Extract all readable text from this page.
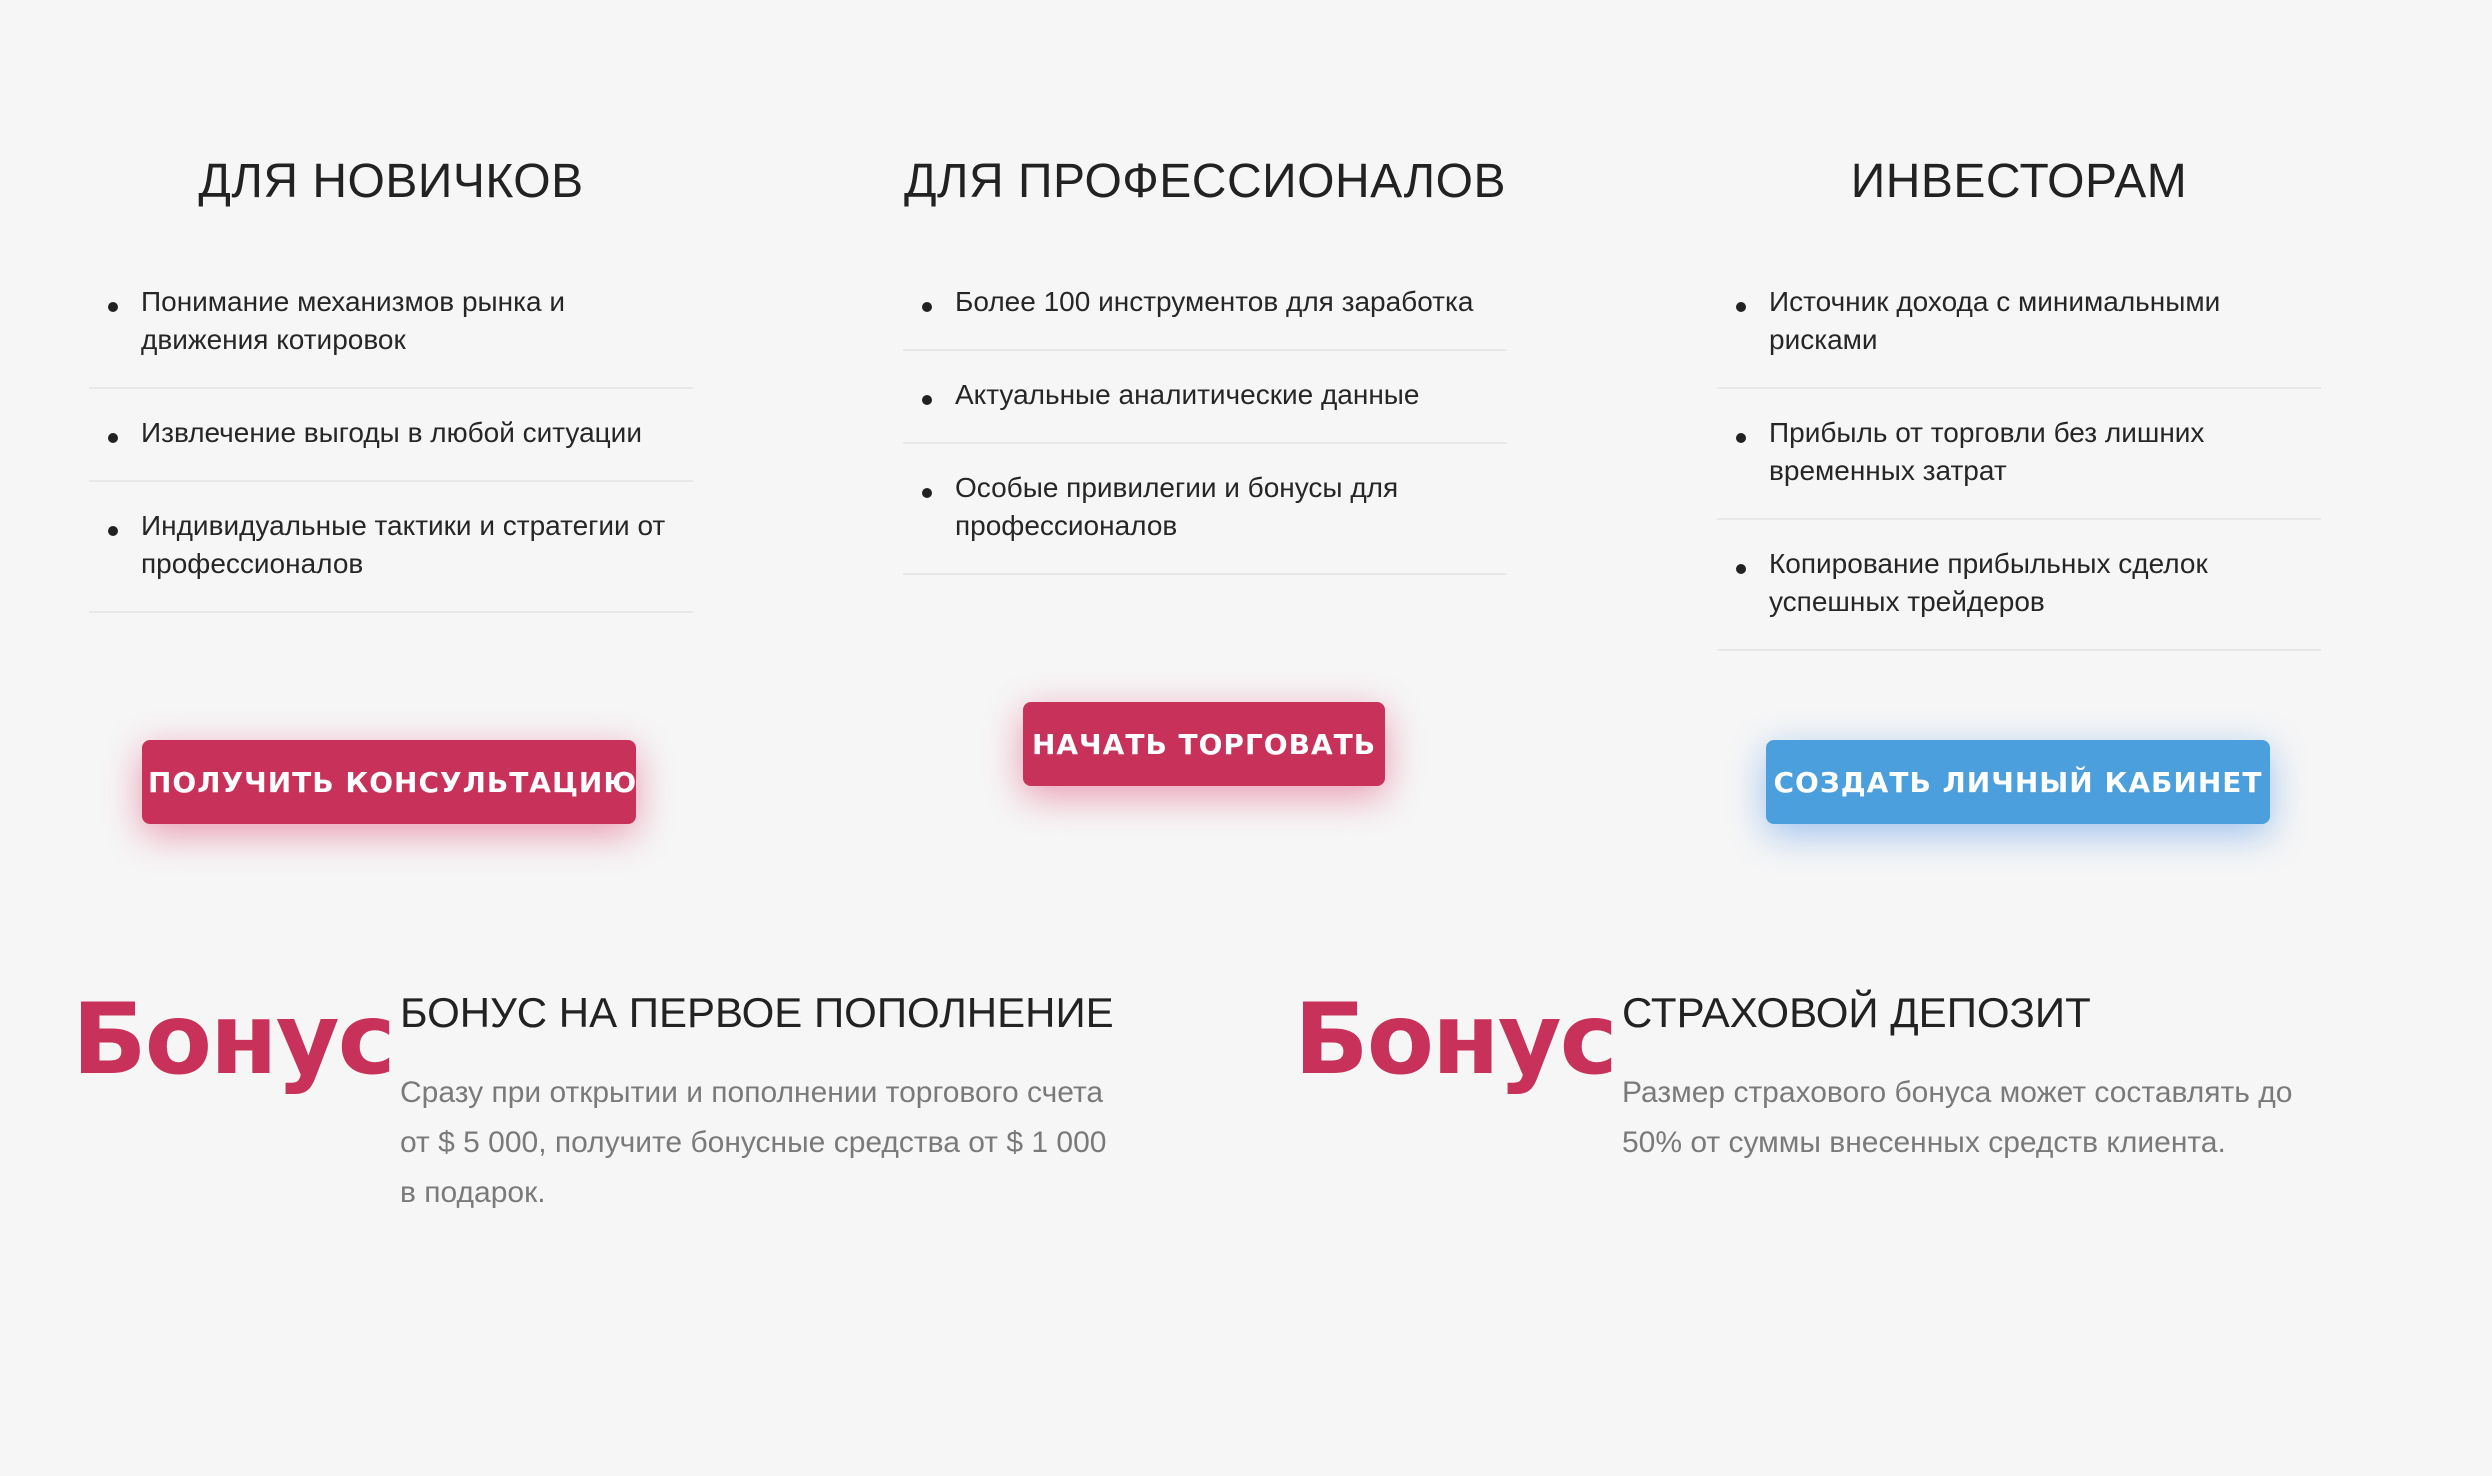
ДЛЯ НОВИЧКОВ
Понимание механизмов рынка и движения котировок
Извлечение выгоды в любой ситуации
Индивидуальные тактики и стратегии от профессионалов
ПОЛУЧИТЬ КОНСУЛЬТАЦИЮ
ДЛЯ ПРОФЕССИОНАЛОВ
Более 100 инструментов для заработка
Актуальные аналитические данные
Особые привилегии и бонусы для профессионалов
НАЧАТЬ ТОРГОВАТЬ
ИНВЕСТОРАМ
Источник дохода с минимальными рисками
Прибыль от торговли без лишних временных затрат
Копирование прибыльных сделок успешных трейдеров
СОЗДАТЬ ЛИЧНЫЙ КАБИНЕТ
Бонус БОНУС НА ПЕРВОЕ ПОПОЛНЕНИЕ
Сразу при открытии и пополнении торгового счета от $ 5 000, получите бонусные средства от $ 1 000 в подарок.
Бонус СТРАХОВОЙ ДЕПОЗИТ
Размер страхового бонуса может составлять до 50% от суммы внесенных средств клиента.
